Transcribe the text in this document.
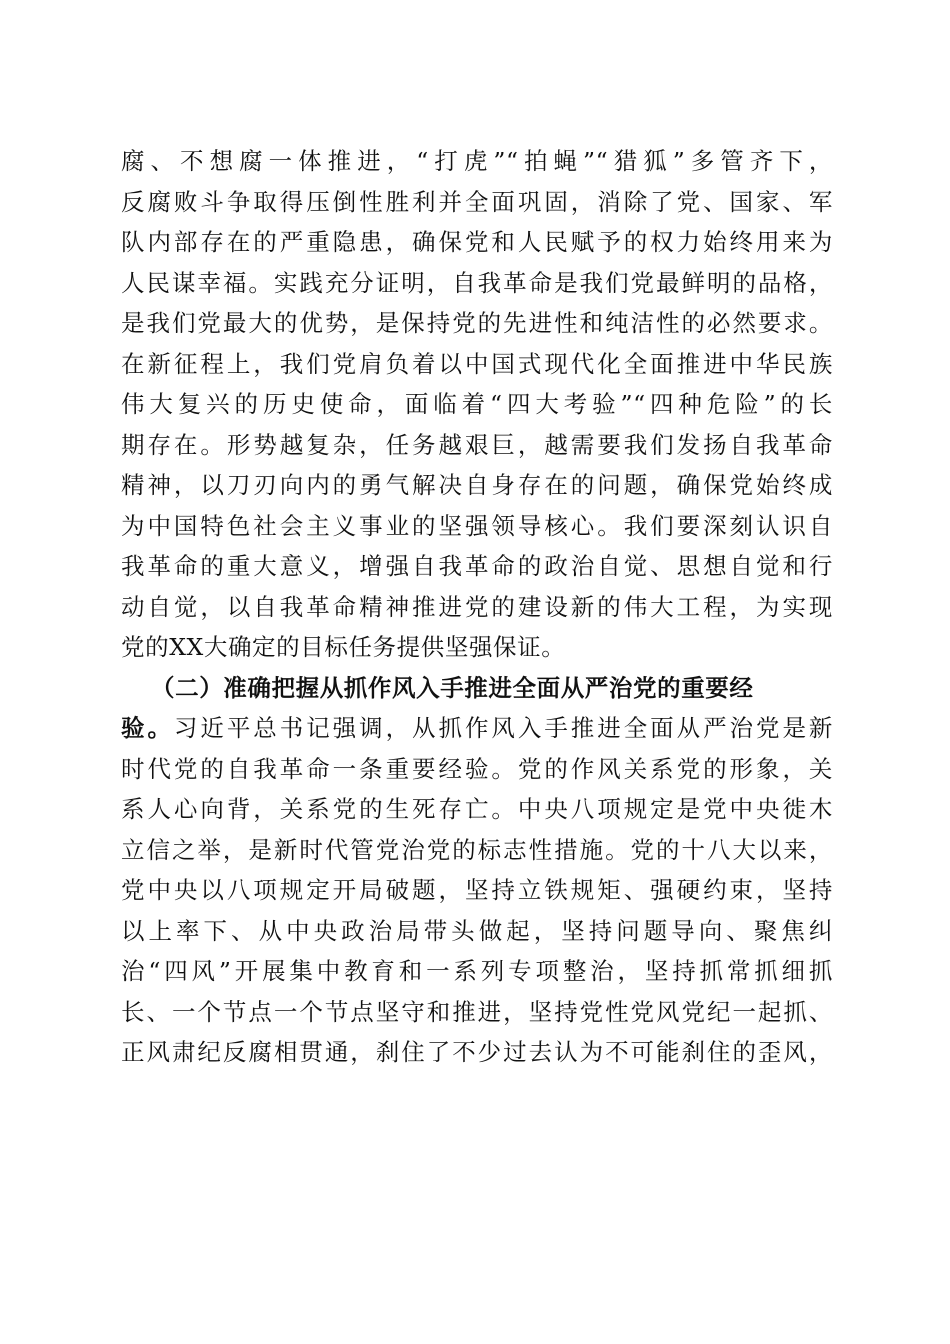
腐、不想腐一体推进，“打虎”“拍蝇”“猎狐”多管齐下，
反腐败斗争取得压倒性胜利并全面巩固，消除了党、国家、军
队内部存在的严重隐患，确保党和人民赋予的权力始终用来为
人民谋幸福。实践充分证明，自我革命是我们党最鲜明的品格，
是我们党最大的优势，是保持党的先进性和纯洁性的必然要求。
在新征程上，我们党肩负着以中国式现代化全面推进中华民族
伟大复兴的历史使命，面临着“四大考验”“四种危险”的长
期存在。形势越复杂，任务越艰巨，越需要我们发扬自我革命
精神，以刀刃向内的勇气解决自身存在的问题，确保党始终成
为中国特色社会主义事业的坚强领导核心。我们要深刻认识自
我革命的重大意义，增强自我革命的政治自觉、思想自觉和行
动自觉，以自我革命精神推进党的建设新的伟大工程，为实现
党的XX大确定的目标任务提供坚强保证。
（二）准确把握从抓作风入手推进全面从严治党的重要经
验。习近平总书记强调，从抓作风入手推进全面从严治党是新
时代党的自我革命一条重要经验。党的作风关系党的形象，关
系人心向背，关系党的生死存亡。中央八项规定是党中央徙木
立信之举，是新时代管党治党的标志性措施。党的十八大以来，
党中央以八项规定开局破题，坚持立铁规矩、强硬约束，坚持
以上率下、从中央政治局带头做起，坚持问题导向、聚焦纠
治“四风”开展集中教育和一系列专项整治，坚持抓常抓细抓
长、一个节点一个节点坚守和推进，坚持党性党风党纪一起抓、
正风肃纪反腐相贯通，刹住了不少过去认为不可能刹住的歪风，
